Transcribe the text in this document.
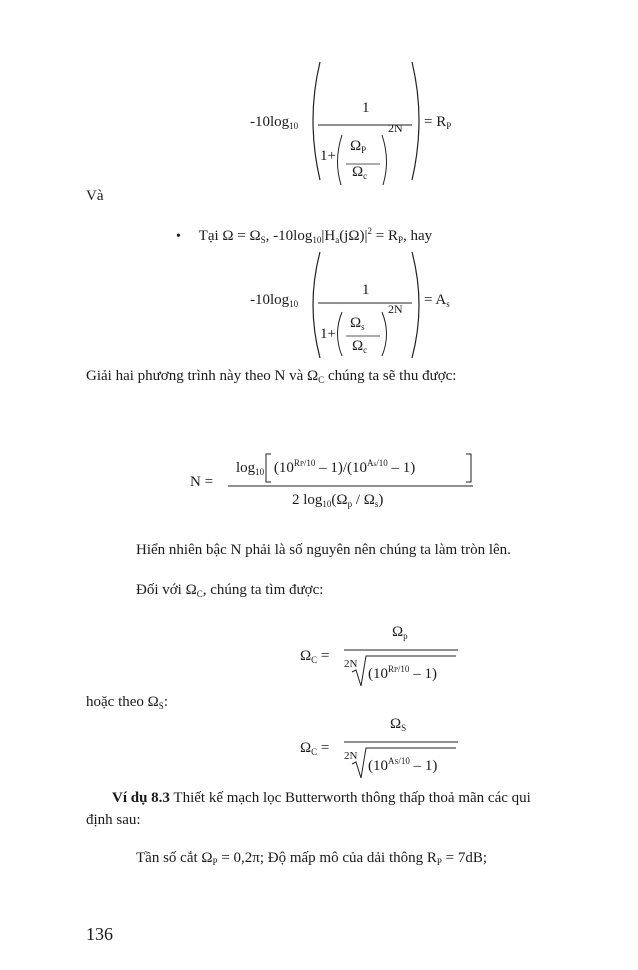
$-10\log_{10}$
1
1+
$\Omega_P$
$\Omega_c$
$2N = R_P$
Và
• Tại $\Omega = \Omega_S$, $-10\log_{10}|H_a(j\Omega)|^2 = R_P$, hay
$-10\log_{10}$
1
1+
$\Omega_s$
$\Omega_c$
2N
= $A_s$
Giải hai phương trình này theo N và $\Omega_C$ chúng ta sẽ thu được:
N =
$\log_{10} (10^{RP/10} - 1)/(10^{As/10} - 1)$
2 $\log_{10}(\Omega_p / \Omega_s)$
Hiển nhiên bậc N phải là số nguyên nên chúng ta làm tròn lên.
Đối với $\Omega_C$, chúng ta tìm được:
$\Omega_C$ =
$\Omega_p$
2N
$(10^{RP/10} - 1)$
hoặc theo $\Omega_S$:
$\Omega_C$ =
$\Omega_S$
2N
$(10^{AS/10} - 1)$
Ví dụ 8.3 Thiết kế mạch lọc Butterworth thông thấp thoả mãn các qui
định sau:
Tần số cắt $\Omega_P = 0,2\pi$; Độ mấp mô của dải thông $R_P = 7dB$;
136
